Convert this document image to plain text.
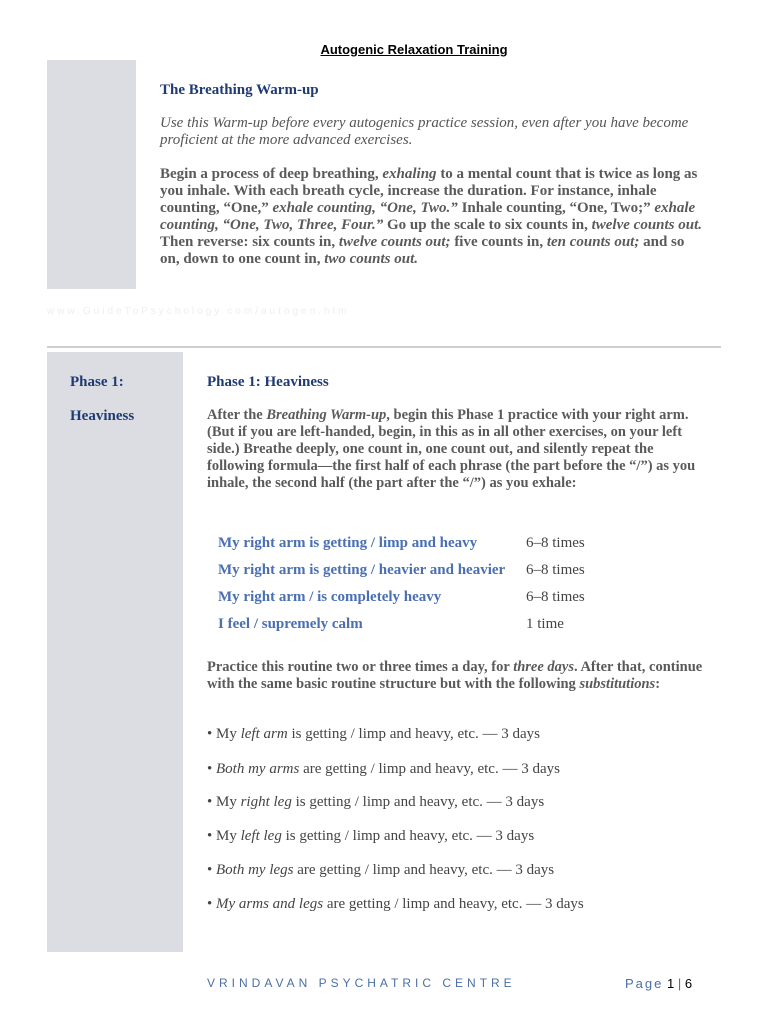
Autogenic Relaxation Training
The Breathing Warm-up
Use this Warm-up before every autogenics practice session, even after you have become proficient at the more advanced exercises.
Begin a process of deep breathing, exhaling to a mental count that is twice as long as you inhale. With each breath cycle, increase the duration. For instance, inhale counting, “One,” exhale counting, “One, Two.” Inhale counting, “One, Two;” exhale counting, “One, Two, Three, Four.” Go up the scale to six counts in, twelve counts out. Then reverse: six counts in, twelve counts out; five counts in, ten counts out; and so on, down to one count in, two counts out.
www.GuideToPsychology.com/autogen.htm
Phase 1:
Heaviness
Phase 1: Heaviness
After the Breathing Warm-up, begin this Phase 1 practice with your right arm. (But if you are left-handed, begin, in this as in all other exercises, on your left side.) Breathe deeply, one count in, one count out, and silently repeat the following formula—the first half of each phrase (the part before the “/”) as you inhale, the second half (the part after the “/”) as you exhale:
My right arm is getting / limp and heavy	6–8 times
My right arm is getting / heavier and heavier 6–8 times
My right arm / is completely heavy	6–8 times
I feel / supremely calm	1 time
Practice this routine two or three times a day, for three days. After that, continue with the same basic routine structure but with the following substitutions:
• My left arm is getting / limp and heavy, etc. — 3 days
• Both my arms are getting / limp and heavy, etc. — 3 days
• My right leg is getting / limp and heavy, etc. — 3 days
• My left leg is getting / limp and heavy, etc. — 3 days
• Both my legs are getting / limp and heavy, etc. — 3 days
• My arms and legs are getting / limp and heavy, etc. — 3 days
VRINDAVAN PSYCHATRIC CENTRE	Page 1 | 6
